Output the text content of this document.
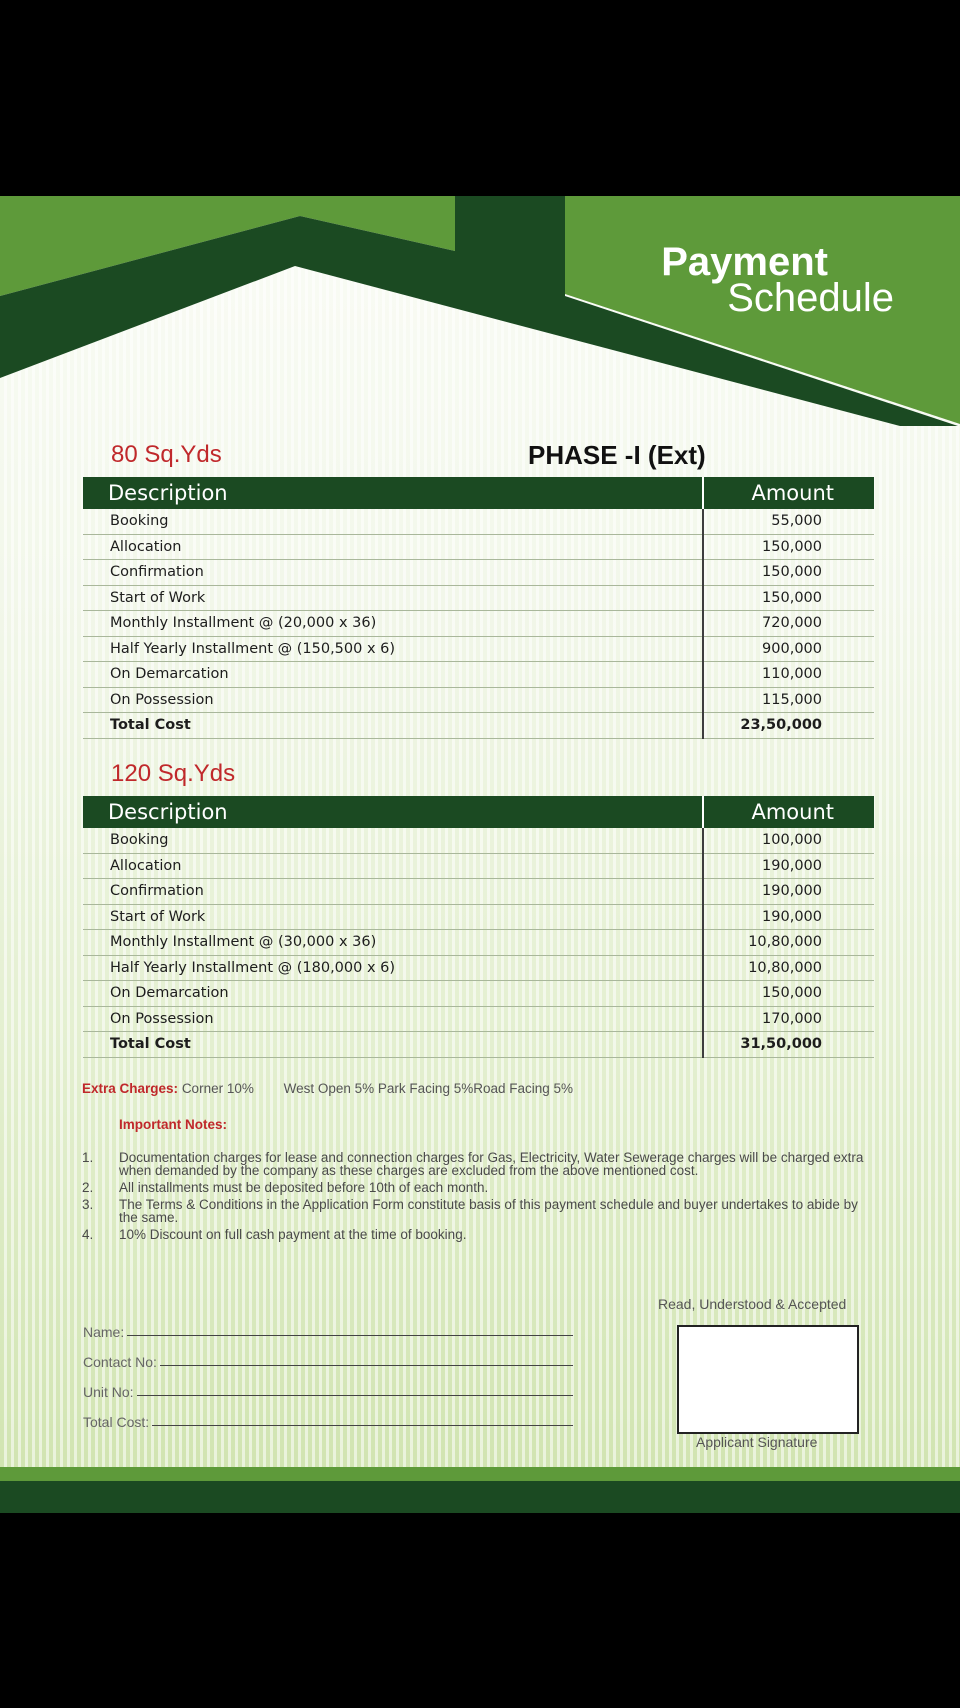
Payment
Schedule
80 Sq.Yds	PHASE -I (Ext)
Description	Amount
Booking	55,000
Allocation	150,000
Confirmation	150,000
Start of Work	150,000
Monthly Installment @ (20,000 x 36)	720,000
Half Yearly Installment @ (150,500 x 6)	900,000
On Demarcation	110,000
On Possession	115,000
Total Cost	23,50,000
120 Sq.Yds
Description	Amount
Booking	100,000
Allocation	190,000
Confirmation	190,000
Start of Work	190,000
Monthly Installment @ (30,000 x 36)	10,80,000
Half Yearly Installment @ (180,000 x 6)	10,80,000
On Demarcation	150,000
On Possession	170,000
Total Cost	31,50,000
Extra Charges: Corner 10% West Open 5% Park Facing 5%Road Facing 5%
Important Notes:
1.	Documentation charges for lease and connection charges for Gas, Electricity, Water Sewerage charges will be charged extra when demanded by the company as these charges are excluded from the above mentioned cost.
2.	All installments must be deposited before 10th of each month.
3.	The Terms & Conditions in the Application Form constitute basis of this payment schedule and buyer undertakes to abide by the same.
4.	10% Discount on full cash payment at the time of booking.
Read, Understood & Accepted
Applicant Signature
Name:
Contact No:
Unit No:
Total Cost:
